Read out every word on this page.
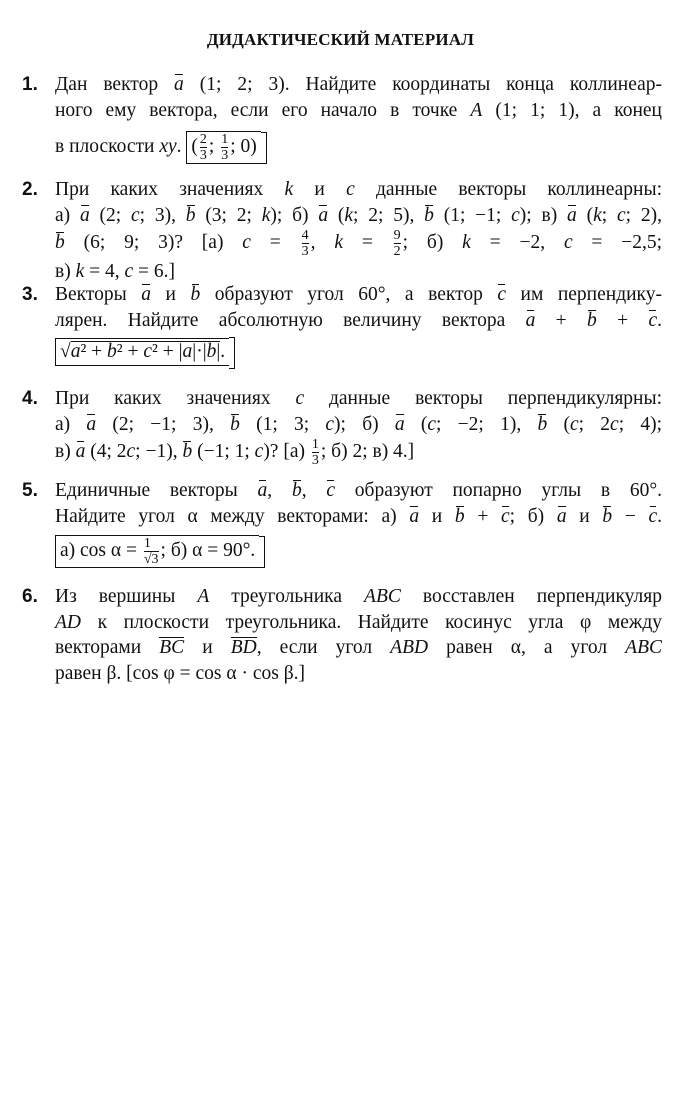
ДИДАКТИЧЕСКИЙ МАТЕРИАЛ
1. Дан вектор a (1; 2; 3). Найдите координаты конца коллинеар-
ного ему вектора, если его начало в точке A (1; 1; 1), а конец
в плоскости xy. ( $\frac{2}{3}$ ; $\frac{1}{3}$ ; 0)
2. При каких значениях k и c данные векторы коллинеарны:
а) a (2; c; 3), b (3; 2; k); б) a (k; 2; 5), b (1; −1; c); в) a (k; c; 2),
b (6; 9; 3)? [а) $c = \frac{4}{3}$ , $k = \frac{9}{2}$ ; б) k = −2, c = −2,5;
в) k = 4, c = 6.]
3. Векторы a и b образуют угол 60°, а вектор c им перпендику-
лярен. Найдите абсолютную величину вектора a + b + c.
√a² + b² + c² + |a|·|b|.
4. При каких значениях c данные векторы перпендикулярны:
а) a (2; −1; 3), b (1; 3; c); б) a (c; −2; 1), b (c; 2c; 4);
в) a (4; 2c; −1), b (−1; 1; c)? $[а) \frac{1}{3}$ ; б) 2; в) 4.]
5. Единичные векторы a, b, c образуют попарно углы в 60°.
Найдите угол α между векторами: а) a и b + c; б) a и b − c.
а) $\cos \alpha = \frac{1}{√3}$ ; б) α = 90°.
6. Из вершины A треугольника ABC восставлен перпендикуляр
AD к плоскости треугольника. Найдите косинус угла φ между
векторами BC и BD, если угол ABD равен α, а угол ABC
равен β. [cos φ = cos α · cos β.]
